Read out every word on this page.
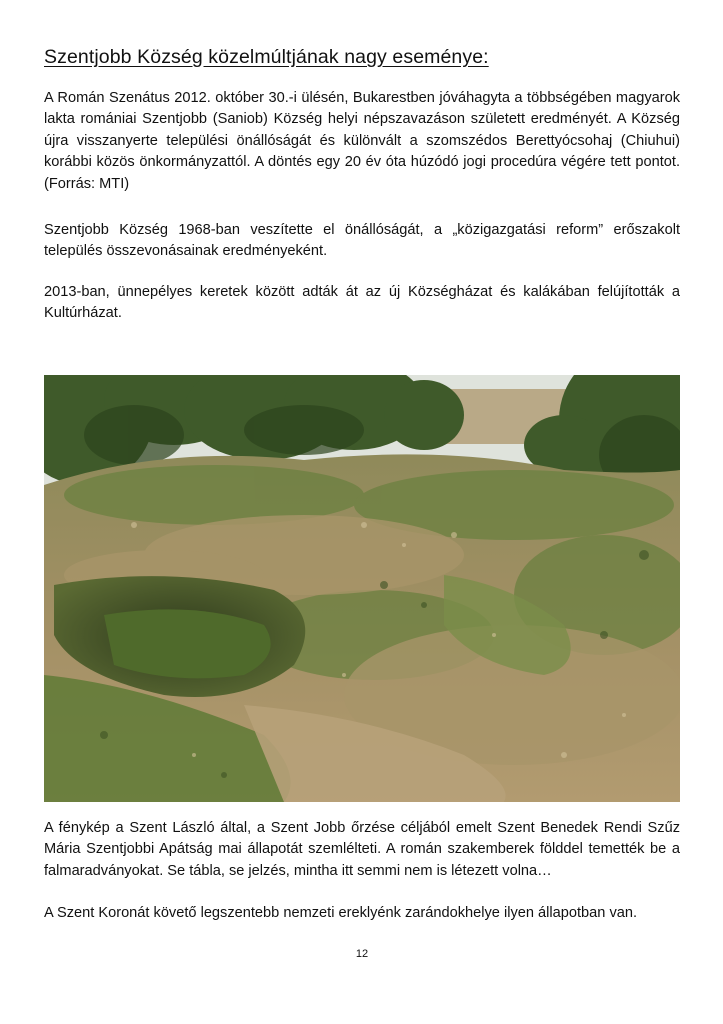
Szentjobb Község közelmúltjának nagy eseménye:

A Román Szenátus 2012. október 30.-i ülésén, Bukarestben jóváhagyta a többségében magyarok lakta romániai Szentjobb (Saniob) Község helyi népszavazáson született eredményét. A Község újra visszanyerte települési önállóságát és különvált a szomszédos Berettyócsohaj (Chiuhui) korábbi közös önkormányzattól. A döntés egy 20 év óta húzódó jogi procedúra végére tett pontot. (Forrás: MTI)

Szentjobb Község 1968-ban veszítette el önállóságát, a „közigazgatási reform” erőszakolt település összevonásainak eredményeként.

2013-ban, ünnepélyes keretek között adták át az új Községházat és kalákában felújították a Kultúrházat.

A fénykép a Szent László által, a Szent Jobb őrzése céljából emelt Szent Benedek Rendi Szűz Mária Szentjobbi Apátság mai állapotát szemlélteti. A román szakemberek földdel temették be a falmaradványokat. Se tábla, se jelzés, mintha itt semmi nem is létezett volna…

A Szent Koronát követő legszentebb nemzeti ereklyénk zarándokhelye ilyen állapotban van.

12
